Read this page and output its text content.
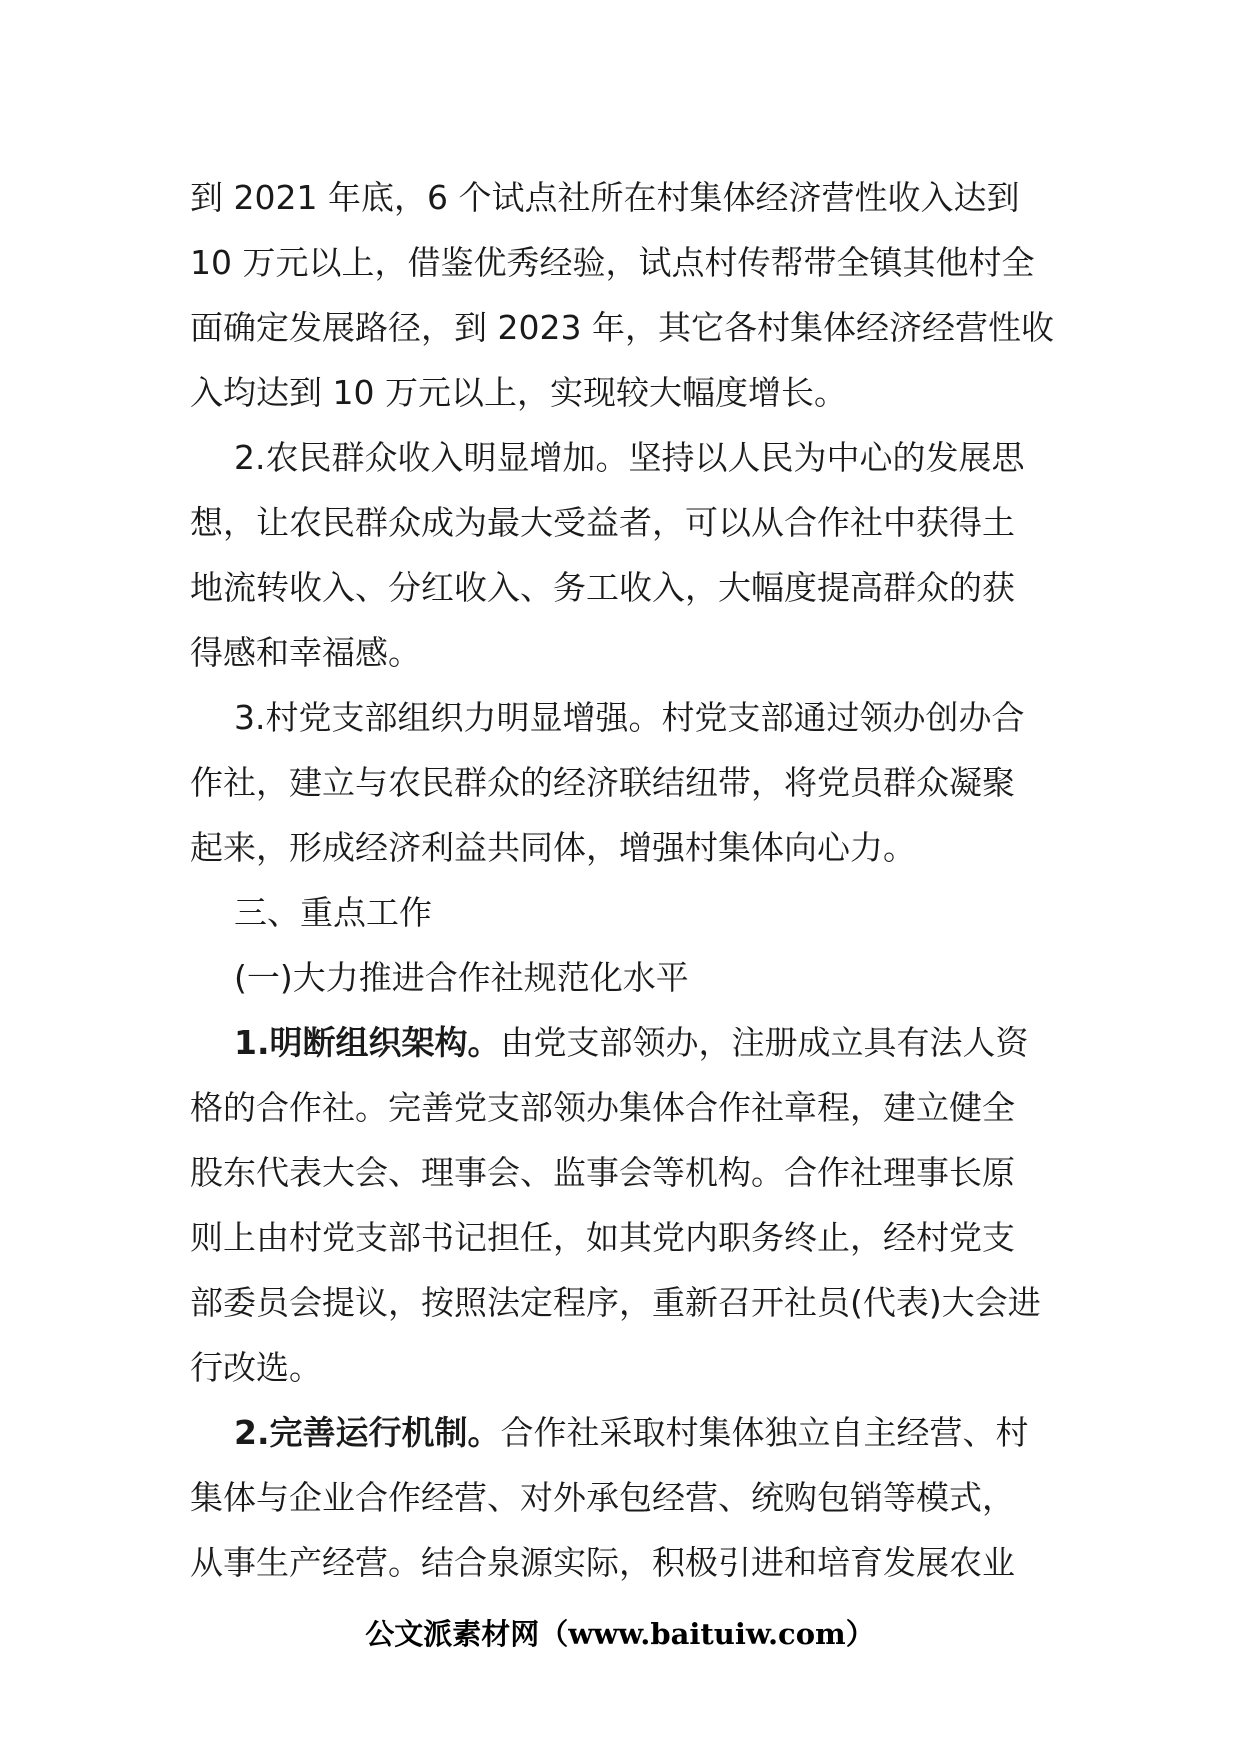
到 2021 年底，6 个试点社所在村集体经济营性收入达到
10 万元以上，借鉴优秀经验，试点村传帮带全镇其他村全
面确定发展路径，到 2023 年，其它各村集体经济经营性收
入均达到 10 万元以上，实现较大幅度增长。
2.农民群众收入明显增加。坚持以人民为中心的发展思
想，让农民群众成为最大受益者，可以从合作社中获得土
地流转收入、分红收入、务工收入，大幅度提高群众的获
得感和幸福感。
3.村党支部组织力明显增强。村党支部通过领办创办合
作社，建立与农民群众的经济联结纽带，将党员群众凝聚
起来，形成经济利益共同体，增强村集体向心力。
三、重点工作
(一)大力推进合作社规范化水平
1.明断组织架构。由党支部领办，注册成立具有法人资
格的合作社。完善党支部领办集体合作社章程，建立健全
股东代表大会、理事会、监事会等机构。合作社理事长原
则上由村党支部书记担任，如其党内职务终止，经村党支
部委员会提议，按照法定程序，重新召开社员(代表)大会进
行改选。
2.完善运行机制。合作社采取村集体独立自主经营、村
集体与企业合作经营、对外承包经营、统购包销等模式，
从事生产经营。结合泉源实际，积极引进和培育发展农业
公文派素材网（www.baituiw.com）
